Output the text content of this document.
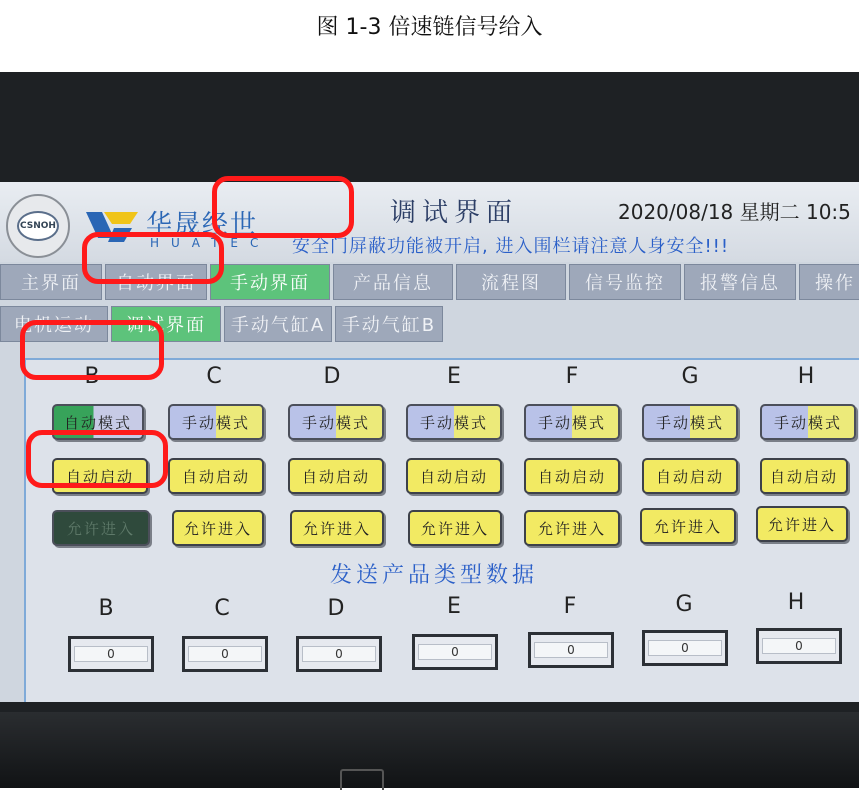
图 1-3 倍速链信号给入
CSNOH	华晟经世
HUATEC
调试界面	2020/08/18 星期二 10:5
安全门屏蔽功能被开启, 进入围栏请注意人身安全!!!
主界面	自动界面	手动界面	产品信息	流程图	信号监控	报警信息	操作
电机运动	调试界面	手动气缸A 手动气缸B
B	C	D	E	F	G	H
自动模式	手动模式	手动模式	手动模式	手动模式	手动模式	手动模式
自动启动	自动启动	自动启动	自动启动	自动启动	自动启动	自动启动
允许进入	允许进入	允许进入	允许进入	允许进入	允许进入	允许进入
发送产品类型数据
B	C	D	E	F	G	H
0	0	0	0	0	0	0
